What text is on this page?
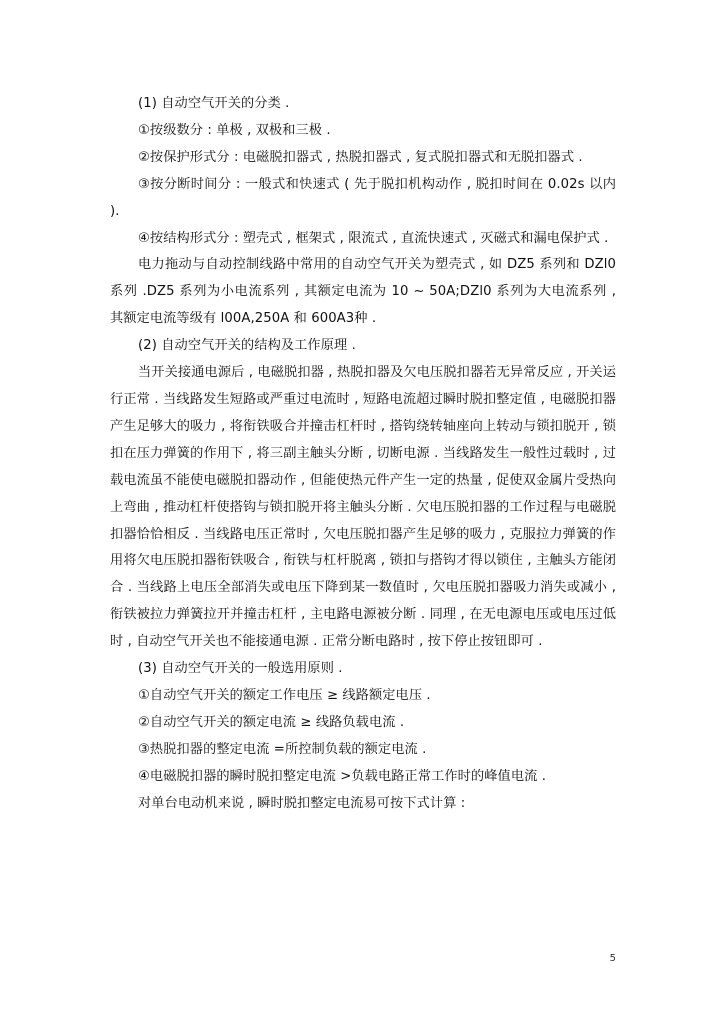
(1) 自动空气开关的分类 .

①按级数分 : 单极 , 双极和三极 .

②按保护形式分 : 电磁脱扣器式 , 热脱扣器式 , 复式脱扣器式和无脱扣器式 .

③按分断时间分 : 一般式和快速式 ( 先于脱扣机构动作 , 脱扣时间在 0.02s 以内 ).

④按结构形式分 : 塑壳式 , 框架式 , 限流式 , 直流快速式 , 灭磁式和漏电保护式 .

电力拖动与自动控制线路中常用的自动空气开关为塑壳式 , 如 DZ5 系列和 DZl0 系列 .DZ5 系列为小电流系列 , 其额定电流为 10 ~ 50A;DZl0 系列为大电流系列 , 其额定电流等级有 l00A,250A 和 600A3种 .

(2) 自动空气开关的结构及工作原理 .

当开关接通电源后 , 电磁脱扣器 , 热脱扣器及欠电压脱扣器若无异常反应 , 开关运行正常 . 当线路发生短路或严重过电流时 , 短路电流超过瞬时脱扣整定值 , 电磁脱扣器产生足够大的吸力 , 将衔铁吸合并撞击杠杆时 , 搭钩绕转轴座向上转动与锁扣脱开 , 锁扣在压力弹簧的作用下 , 将三副主触头分断 , 切断电源 . 当线路发生一般性过载时 , 过载电流虽不能使电磁脱扣器动作 , 但能使热元件产生一定的热量 , 促使双金属片受热向上弯曲 , 推动杠杆使搭钩与锁扣脱开将主触头分断 . 欠电压脱扣器的工作过程与电磁脱扣器恰恰相反 . 当线路电压正常时 , 欠电压脱扣器产生足够的吸力 , 克服拉力弹簧的作用将欠电压脱扣器衔铁吸合 , 衔铁与杠杆脱离 , 锁扣与搭钩才得以锁住 , 主触头方能闭合 . 当线路上电压全部消失或电压下降到某一数值时 , 欠电压脱扣器吸力消失或减小 , 衔铁被拉力弹簧拉开并撞击杠杆 , 主电路电源被分断 . 同理 , 在无电源电压或电压过低时 , 自动空气开关也不能接通电源 . 正常分断电路时 , 按下停止按钮即可 .

(3) 自动空气开关的一般选用原则 .

①自动空气开关的额定工作电压 ≥ 线路额定电压 .

②自动空气开关的额定电流 ≥ 线路负载电流 .

③热脱扣器的整定电流 =所控制负载的额定电流 .

④电磁脱扣器的瞬时脱扣整定电流 >负载电路正常工作时的峰值电流 .

对单台电动机来说 , 瞬时脱扣整定电流易可按下式计算 :

5
